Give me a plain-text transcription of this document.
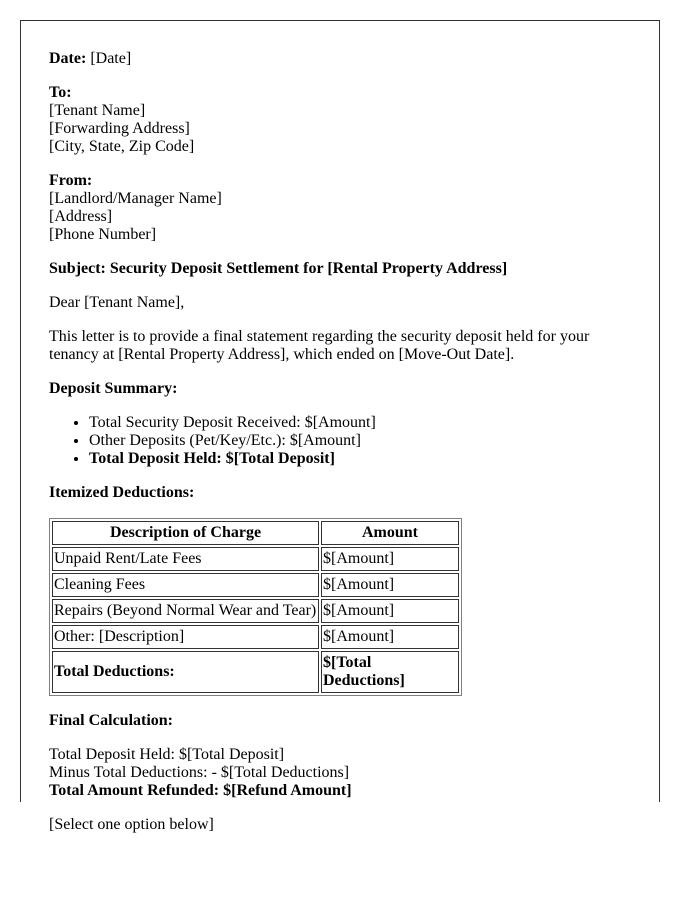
Date: [Date]

To:
[Tenant Name]
[Forwarding Address]
[City, State, Zip Code]

From:
[Landlord/Manager Name]
[Address]
[Phone Number]

Subject: Security Deposit Settlement for [Rental Property Address]

Dear [Tenant Name],

This letter is to provide a final statement regarding the security deposit held for your tenancy at [Rental Property Address], which ended on [Move-Out Date].

Deposit Summary:

• Total Security Deposit Received: $[Amount]
• Other Deposits (Pet/Key/Etc.): $[Amount]
• Total Deposit Held: $[Total Deposit]

Itemized Deductions:

Description of Charge	Amount
Unpaid Rent/Late Fees	$[Amount]
Cleaning Fees	$[Amount]
Repairs (Beyond Normal Wear and Tear)	$[Amount]
Other: [Description]	$[Amount]
Total Deductions:	$[Total Deductions]

Final Calculation:

Total Deposit Held: $[Total Deposit]
Minus Total Deductions: - $[Total Deductions]
Total Amount Refunded: $[Refund Amount]

[Select one option below]
